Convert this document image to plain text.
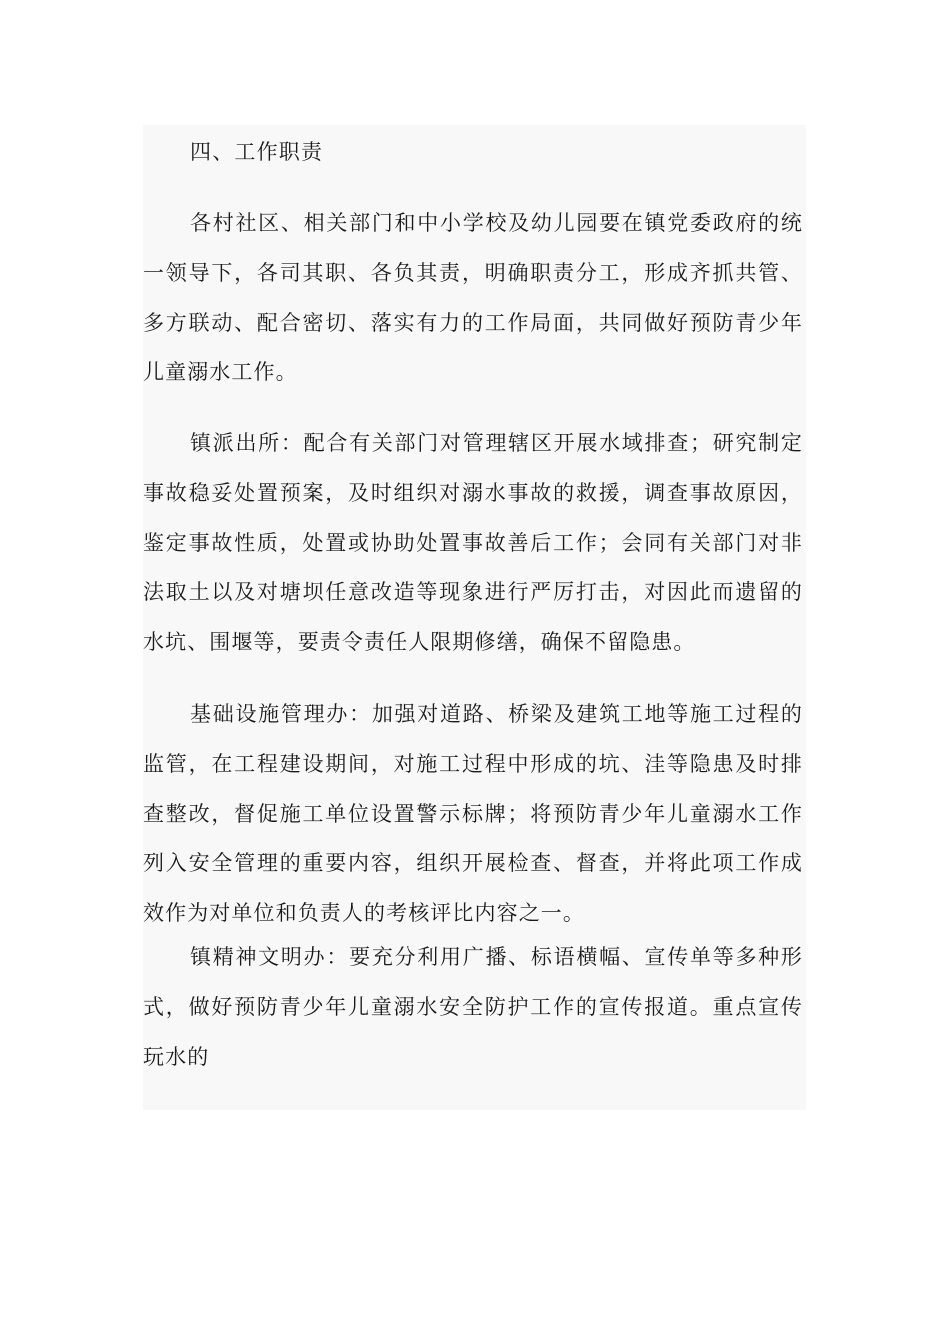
四、工作职责

各村社区、相关部门和中小学校及幼儿园要在镇党委政府的统一领导下，各司其职、各负其责，明确职责分工，形成齐抓共管、多方联动、配合密切、落实有力的工作局面，共同做好预防青少年儿童溺水工作。

镇派出所：配合有关部门对管理辖区开展水域排查；研究制定事故稳妥处置预案，及时组织对溺水事故的救援，调查事故原因，鉴定事故性质，处置或协助处置事故善后工作；会同有关部门对非法取土以及对塘坝任意改造等现象进行严厉打击，对因此而遗留的水坑、围堰等，要责令责任人限期修缮，确保不留隐患。

基础设施管理办：加强对道路、桥梁及建筑工地等施工过程的监管，在工程建设期间，对施工过程中形成的坑、洼等隐患及时排查整改，督促施工单位设置警示标牌；将预防青少年儿童溺水工作列入安全管理的重要内容，组织开展检查、督查，并将此项工作成效作为对单位和负责人的考核评比内容之一。

镇精神文明办：要充分利用广播、标语横幅、宣传单等多种形式，做好预防青少年儿童溺水安全防护工作的宣传报道。重点宣传玩水的
